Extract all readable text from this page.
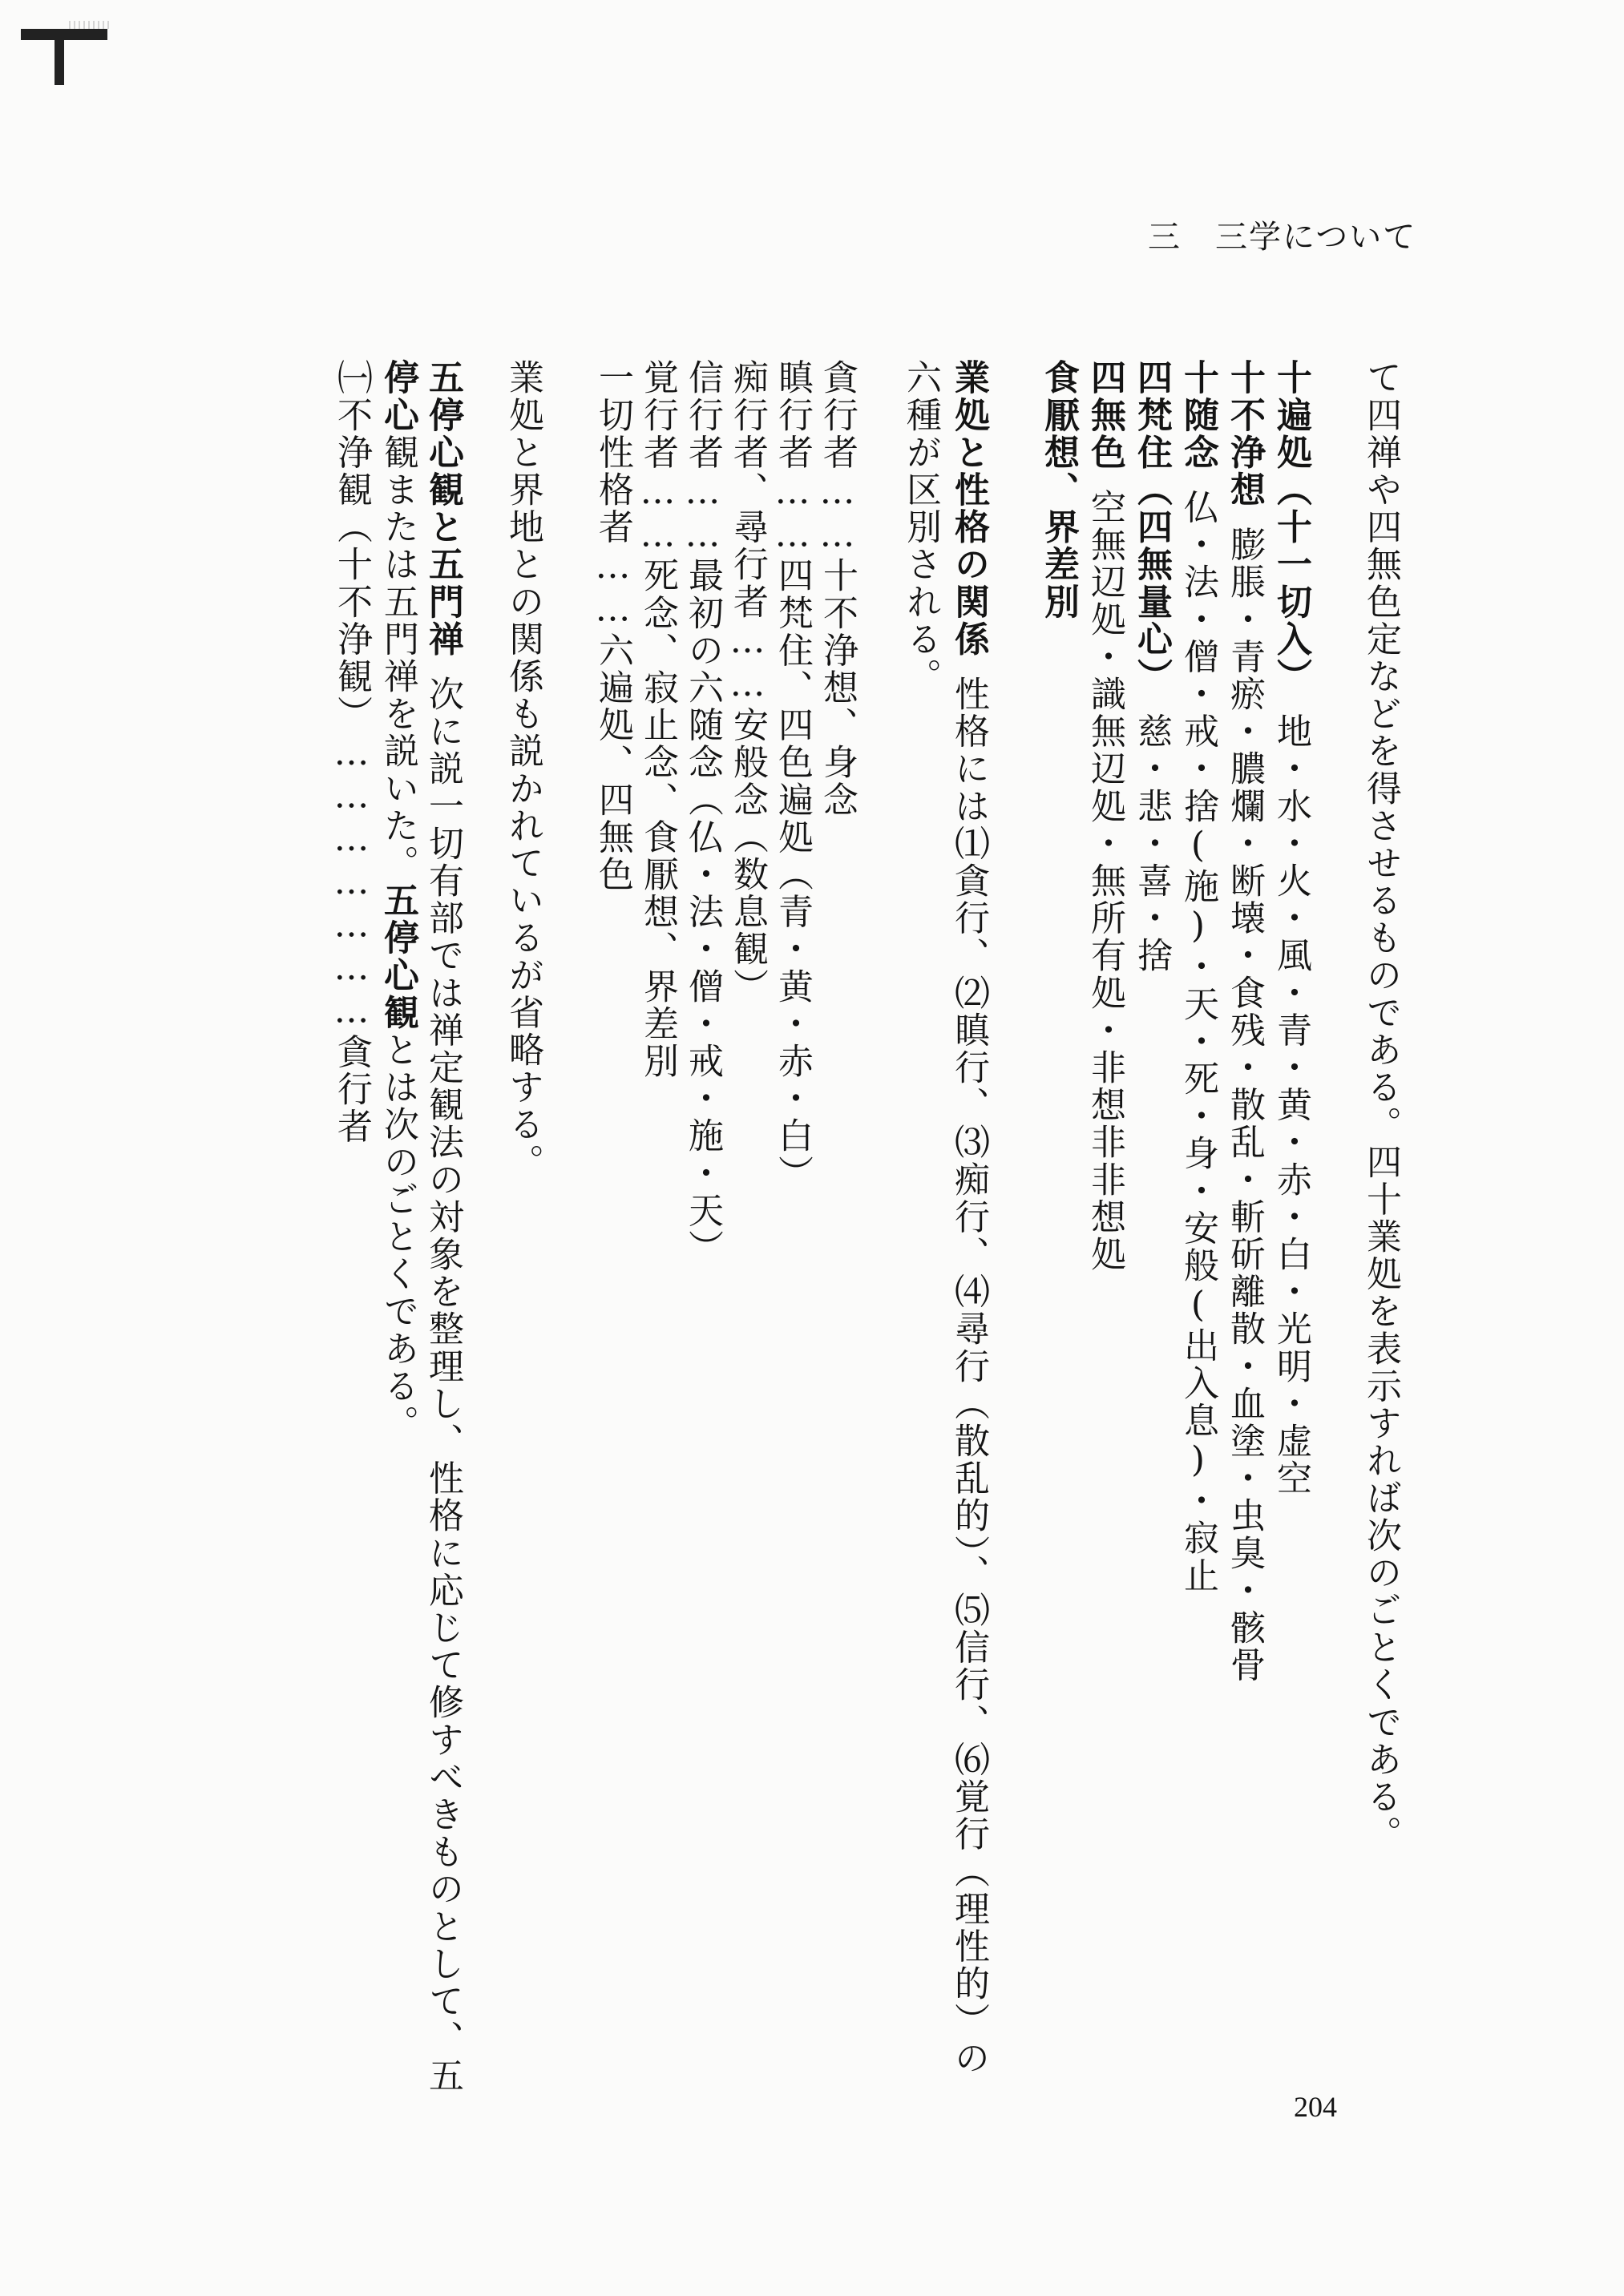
三　三学について
て四禅や四無色定などを得させるものである。四十業処を表示すれば次のごとくである。
十遍処（十一切入）地・水・火・風・青・黄・赤・白・光明・虚空
十不浄想膨脹・青瘀・膿爛・断壊・食残・散乱・斬斫離散・血塗・虫臭・骸骨
十随念仏・法・僧・戒・捨(施)・天・死・身・安般(出入息)・寂止
四梵住（四無量心）慈・悲・喜・捨
四無色空無辺処・識無辺処・無所有処・非想非非想処
食厭想、界差別
業処と性格の関係性格には⑴貪行、⑵瞋行、⑶痴行、⑷尋行（散乱的）、⑸信行、⑹覚行（理性的）の
六種が区別される。
貪行者……十不浄想、身念
瞋行者……四梵住、四色遍処（青・黄・赤・白）
痴行者、尋行者……安般念（数息観）
信行者……最初の六随念（仏・法・僧・戒・施・天）
覚行者……死念、寂止念、食厭想、界差別
一切性格者……六遍処、四無色
業処と界地との関係も説かれているが省略する。
五停心観と五門禅次に説一切有部では禅定観法の対象を整理し、性格に応じて修すべきものとして、五
停心観または五門禅を説いた。五停心観とは次のごとくである。
㈠不浄観（十不浄観）…………………貪行者
204
